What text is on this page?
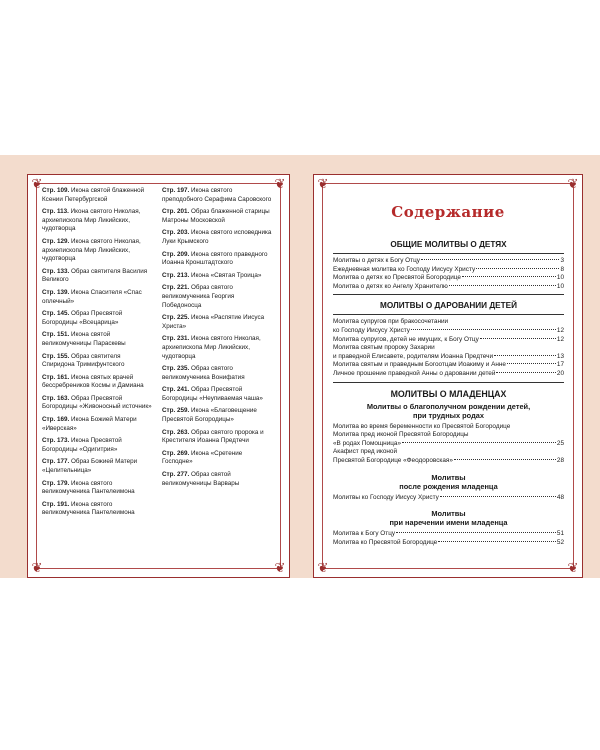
❦	❦
❦	❦
Стр. 109. Икона святой блаженной Ксении Петербургской
Стр. 113. Икона святого Николая, архиепископа Мир Ликийских, чудотворца
Стр. 129. Икона святого Николая, архиепископа Мир Ликийских, чудотворца
Стр. 133. Образ святителя Василия Великого
Стр. 139. Икона Спасителя «Спас оплечный»
Стр. 145. Образ Пресвятой Богородицы «Всецарица»
Стр. 151. Икона святой великомученицы Параскевы
Стр. 155. Образ святителя Спиридона Тримифунтского
Стр. 161. Икона святых врачей бессребреников Космы и Дамиана
Стр. 163. Образ Пресвятой Богородицы «Живоносный источник»
Стр. 169. Икона Божией Матери «Иверская»
Стр. 173. Икона Пресвятой Богородицы «Одигитрия»
Стр. 177. Образ Божией Матери «Целительница»
Стр. 179. Икона святого великомученика Пантелеимона
Стр. 191. Икона святого великомученика Пантелеимона
Стр. 197. Икона святого преподобного Серафима Саровского
Стр. 201. Образ блаженной старицы Матроны Московской
Стр. 203. Икона святого исповедника Луки Крымского
Стр. 209. Икона святого праведного Иоанна Кронштадтского
Стр. 213. Икона «Святая Троица»
Стр. 221. Образ святого великомученика Георгия Победоносца
Стр. 225. Икона «Распятие Иисуса Христа»
Стр. 231. Икона святого Николая, архиепископа Мир Ликийских, чудотворца
Стр. 235. Образ святого великомученика Вонифатия
Стр. 241. Образ Пресвятой Богородицы «Неупиваемая чаша»
Стр. 259. Икона «Благовещение Пресвятой Богородицы»
Стр. 263. Образ святого пророка и Крестителя Иоанна Предтечи
Стр. 269. Икона «Сретение Господне»
Стр. 277. Образ святой великомученицы Варвары
❦	❦
❦	❦
Содержание
ОБЩИЕ МОЛИТВЫ О ДЕТЯХ
Молитвы о детях к Богу Отцу	3
Ежедневная молитва ко Господу Иисусу Христу	8
Молитва о детях ко Пресвятой Богородице	10
Молитва о детях ко Ангелу Хранителю	10
МОЛИТВЫ О ДАРОВАНИИ ДЕТЕЙ
Молитва супругов при бракосочетании
ко Господу Иисусу Христу	12
Молитва супругов, детей не имущих, к Богу Отцу	12
Молитва святым пророку Захарии
и праведной Елисавете, родителям Иоанна Предтечи	13
Молитва святым и праведным Богоотцам Иоакиму и Анне	17
Личное прошение праведной Анны о даровании детей	20
МОЛИТВЫ О МЛАДЕНЦАХ
Молитвы о благополучном рождении детей,
при трудных родах
Молитва во время беременности ко Пресвятой Богородице
Молитва пред иконой Пресвятой Богородицы
«В родах Помощница»	25
Акафист пред иконой
Пресвятой Богородице «Феодоровская»	28
Молитвы
после рождения младенца
Молитвы ко Господу Иисусу Христу	48
Молитвы
при наречении имени младенца
Молитва к Богу Отцу	51
Молитва ко Пресвятой Богородице	52
